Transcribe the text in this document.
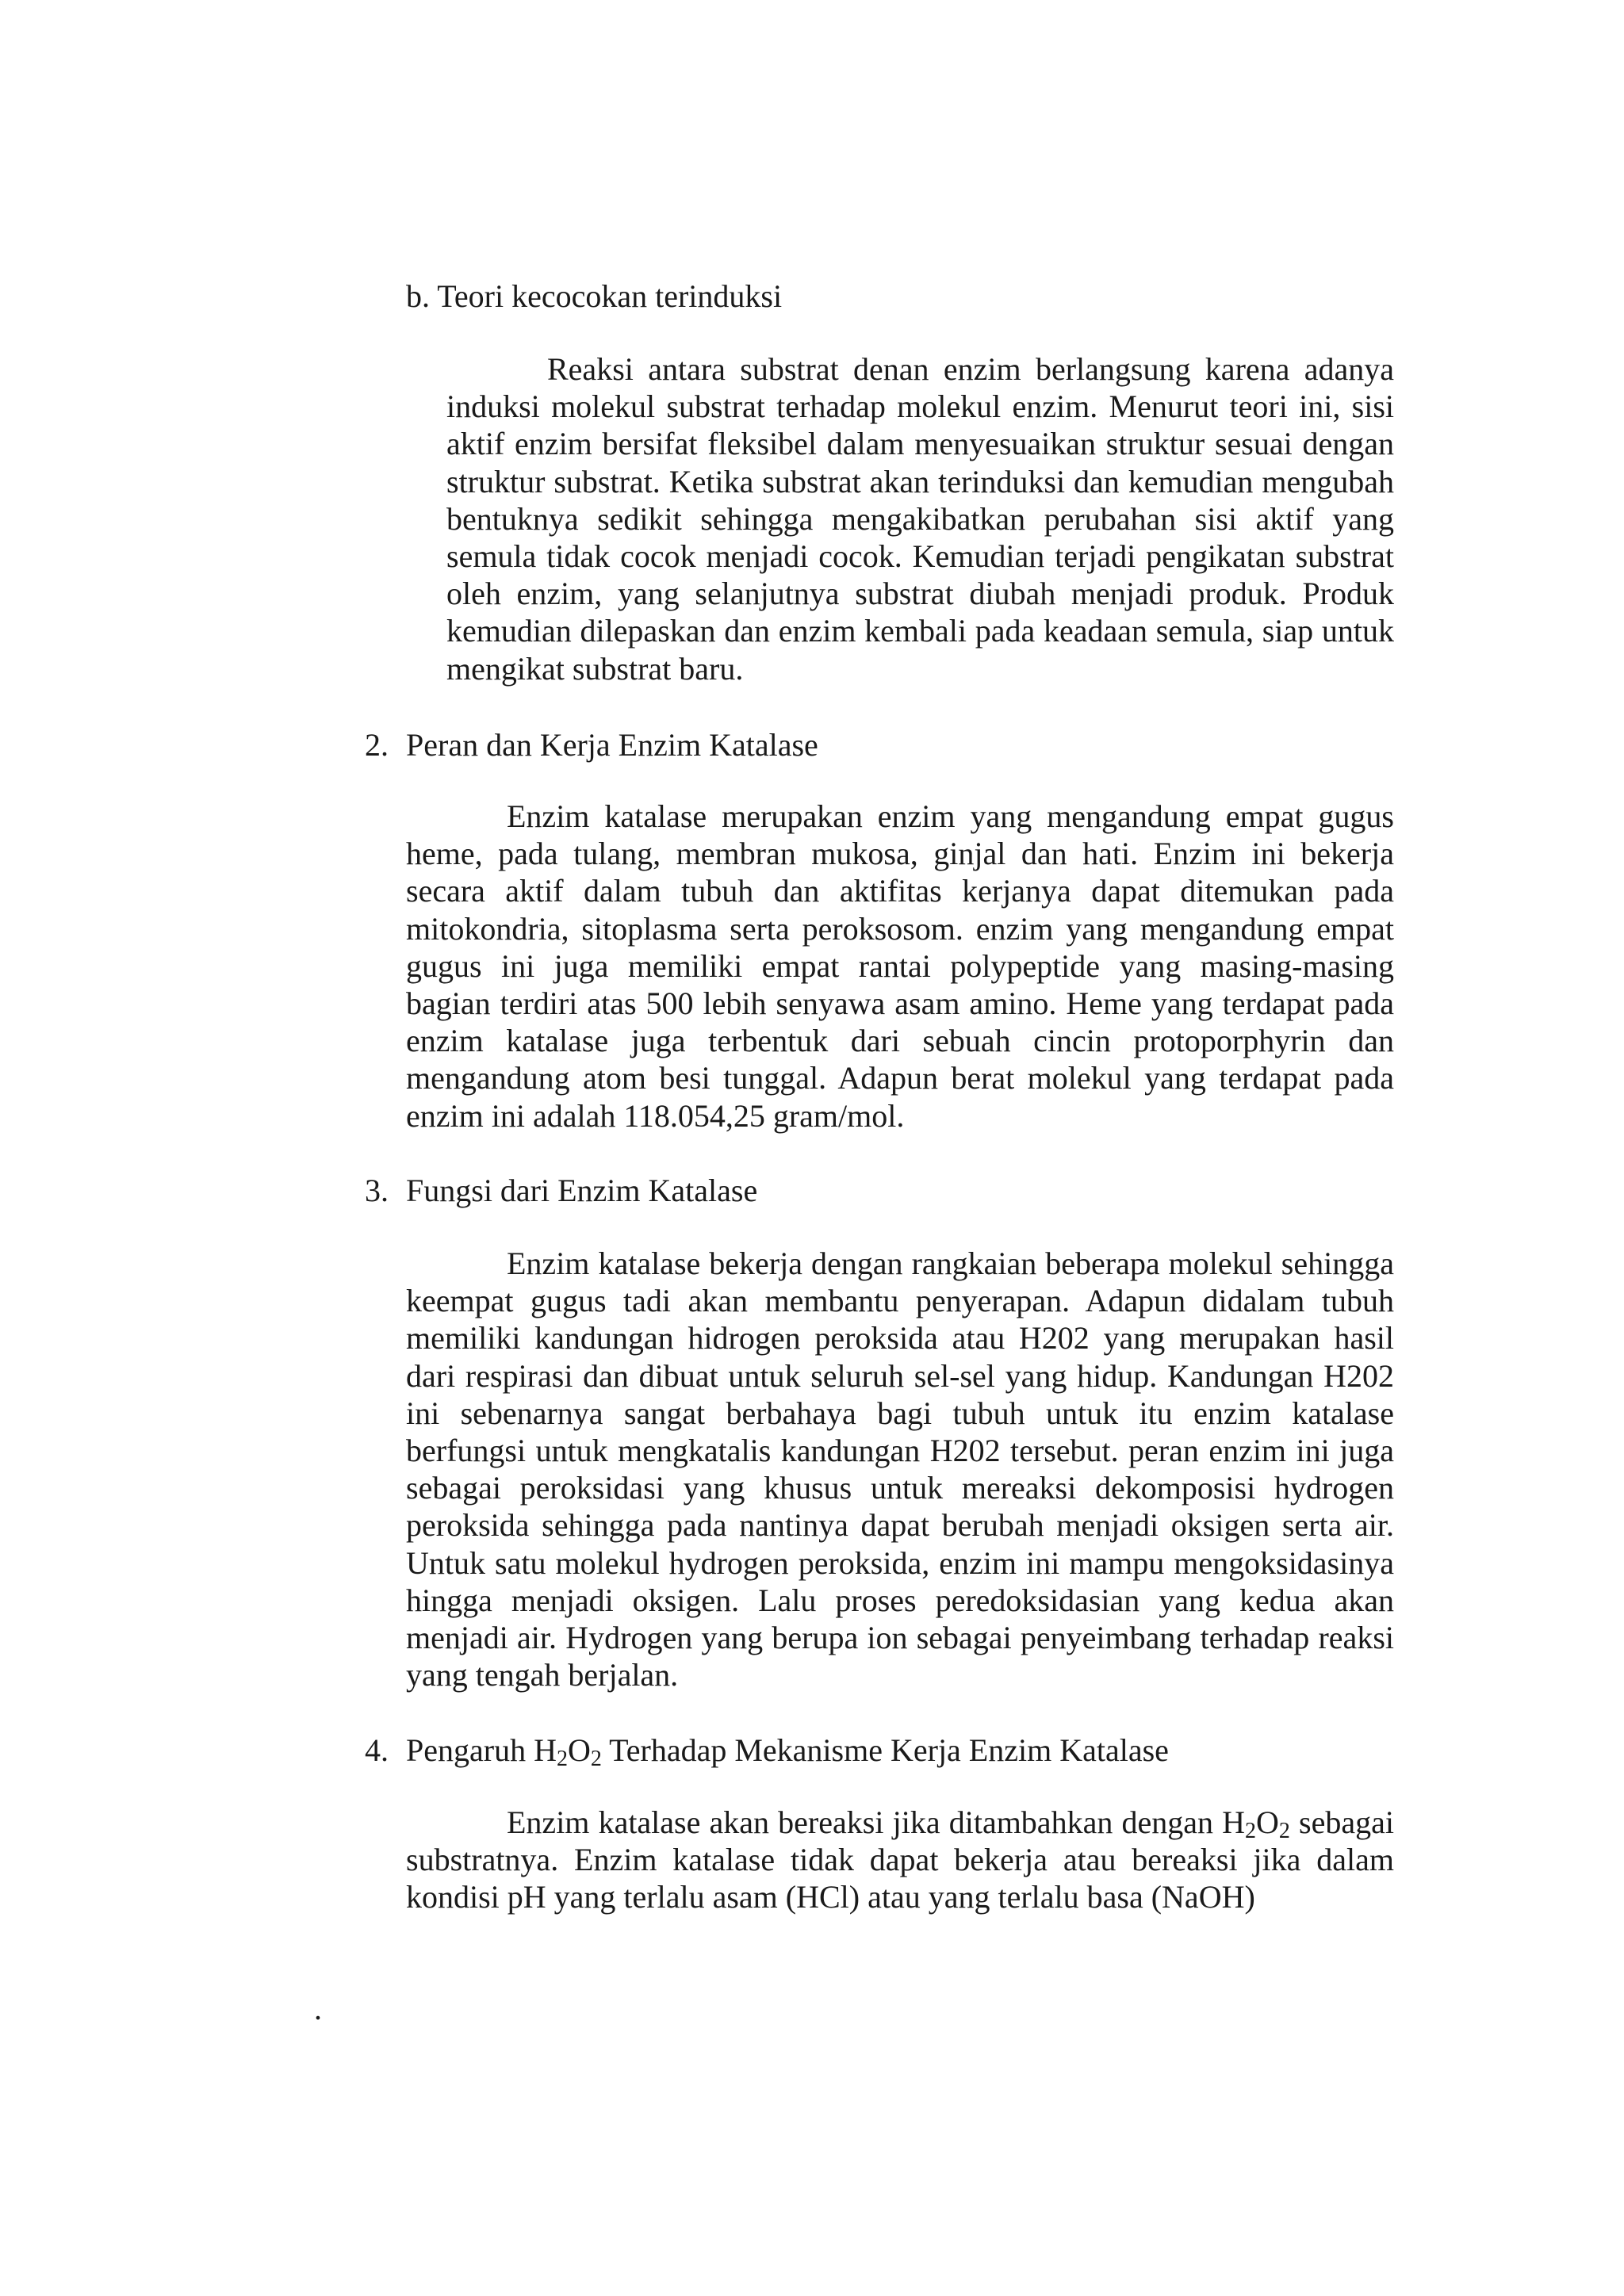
b. Teori kecocokan terinduksi

Reaksi antara substrat denan enzim berlangsung karena adanya induksi molekul substrat terhadap molekul enzim. Menurut teori ini, sisi aktif enzim bersifat fleksibel dalam menyesuaikan struktur sesuai dengan struktur substrat. Ketika substrat akan terinduksi dan kemudian mengubah bentuknya sedikit sehingga mengakibatkan perubahan sisi aktif yang semula tidak cocok menjadi cocok. Kemudian terjadi pengikatan substrat oleh enzim, yang selanjutnya substrat diubah menjadi produk. Produk kemudian dilepaskan dan enzim kembali pada keadaan semula, siap untuk mengikat substrat baru.

2. Peran dan Kerja Enzim Katalase

Enzim katalase merupakan enzim yang mengandung empat gugus heme, pada tulang, membran mukosa, ginjal dan hati. Enzim ini bekerja secara aktif dalam tubuh dan aktifitas kerjanya dapat ditemukan pada mitokondria, sitoplasma serta peroksosom. enzim yang mengandung empat gugus ini juga memiliki empat rantai polypeptide yang masing-masing bagian terdiri atas 500 lebih senyawa asam amino. Heme yang terdapat pada enzim katalase juga terbentuk dari sebuah cincin protoporphyrin dan mengandung atom besi tunggal. Adapun berat molekul yang terdapat pada enzim ini adalah 118.054,25 gram/mol.

3. Fungsi dari Enzim Katalase

Enzim katalase bekerja dengan rangkaian beberapa molekul sehingga keempat gugus tadi akan membantu penyerapan. Adapun didalam tubuh memiliki kandungan hidrogen peroksida atau H202 yang merupakan hasil dari respirasi dan dibuat untuk seluruh sel-sel yang hidup. Kandungan H202 ini sebenarnya sangat berbahaya bagi tubuh untuk itu enzim katalase berfungsi untuk mengkatalis kandungan H202 tersebut. peran enzim ini juga sebagai peroksidasi yang khusus untuk mereaksi dekomposisi hydrogen peroksida sehingga pada nantinya dapat berubah menjadi oksigen serta air. Untuk satu molekul hydrogen peroksida, enzim ini mampu mengoksidasinya hingga menjadi oksigen. Lalu proses peredoksidasian yang kedua akan menjadi air. Hydrogen yang berupa ion sebagai penyeimbang terhadap reaksi yang tengah berjalan.

4. Pengaruh $H_2O_2$ Terhadap Mekanisme Kerja Enzim Katalase

Enzim katalase akan bereaksi jika ditambahkan dengan $H_2O_2$ sebagai substratnya. Enzim katalase tidak dapat bekerja atau bereaksi jika dalam kondisi pH yang terlalu asam (HCl) atau yang terlalu basa (NaOH)

.
